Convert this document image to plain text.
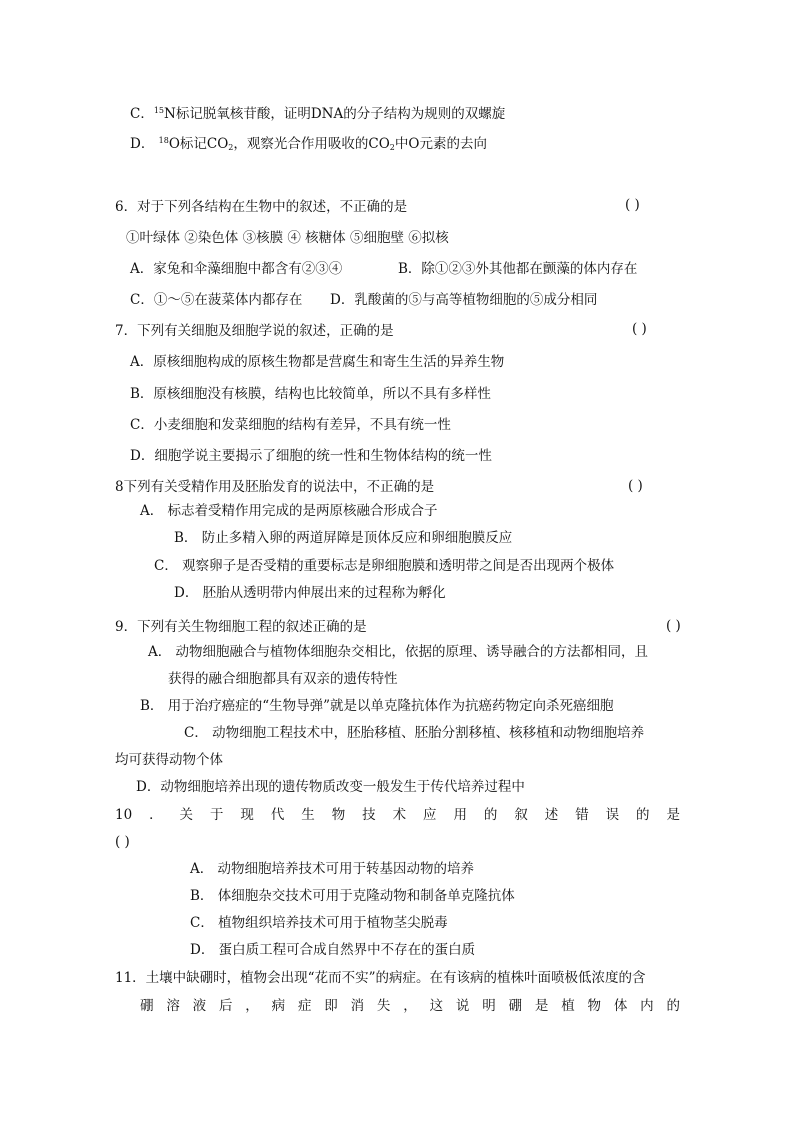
C．$^{15}$N标记脱氧核苷酸，证明DNA的分子结构为规则的双螺旋
D． $^{18}$O标记$CO_2$，观察光合作用吸收的$CO_2$中O元素的去向
6．对于下列各结构在生物中的叙述，不正确的是	( )
①叶绿体 ②染色体 ③核膜 ④ 核糖体 ⑤细胞壁 ⑥拟核
A．家兔和伞藻细胞中都含有②③④	B．除①②③外其他都在颤藻的体内存在
C．①～⑤在菠菜体内都存在 D．乳酸菌的⑤与高等植物细胞的⑤成分相同
7．下列有关细胞及细胞学说的叙述，正确的是	( )
A．原核细胞构成的原核生物都是营腐生和寄生生活的异养生物
B．原核细胞没有核膜，结构也比较简单，所以不具有多样性
C．小麦细胞和发菜细胞的结构有差异，不具有统一性
D．细胞学说主要揭示了细胞的统一性和生物体结构的统一性
8下列有关受精作用及胚胎发育的说法中，不正确的是	( )
A． 标志着受精作用完成的是两原核融合形成合子
B． 防止多精入卵的两道屏障是顶体反应和卵细胞膜反应
C． 观察卵子是否受精的重要标志是卵细胞膜和透明带之间是否出现两个极体
D． 胚胎从透明带内伸展出来的过程称为孵化
9．下列有关生物细胞工程的叙述正确的是	( )
A． 动物细胞融合与植物体细胞杂交相比，依据的原理、诱导融合的方法都相同，且
获得的融合细胞都具有双亲的遗传特性
B． 用于治疗癌症的“生物导弹”就是以单克隆抗体作为抗癌药物定向杀死癌细胞
C． 动物细胞工程技术中，胚胎移植、胚胎分割移植、核移植和动物细胞培养
均可获得动物个体
D．动物细胞培养出现的遗传物质改变一般发生于传代培养过程中
10．关于现代生物技术应用的叙述错误的是
( )
A． 动物细胞培养技术可用于转基因动物的培养
B． 体细胞杂交技术可用于克隆动物和制备单克隆抗体
C． 植物组织培养技术可用于植物茎尖脱毒
D． 蛋白质工程可合成自然界中不存在的蛋白质
11．土壤中缺硼时，植物会出现“花而不实”的病症。在有该病的植株叶面喷极低浓度的含
硼溶液后，病症即消失，这说明硼是植物体内的
